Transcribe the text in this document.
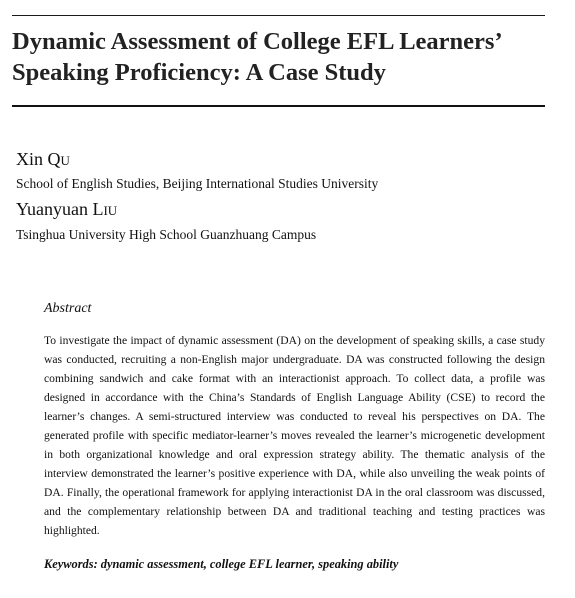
Dynamic Assessment of College EFL Learners’ Speaking Proficiency: A Case Study
Xin Qu
School of English Studies, Beijing International Studies University
Yuanyuan Liu
Tsinghua University High School Guanzhuang Campus
Abstract

To investigate the impact of dynamic assessment (DA) on the development of speaking skills, a case study was conducted, recruiting a non-English major undergraduate. DA was constructed following the design combining sandwich and cake format with an interactionist approach. To collect data, a profile was designed in accordance with the China’s Standards of English Language Ability (CSE) to record the learner’s changes. A semi-structured interview was conducted to reveal his perspectives on DA. The generated profile with specific mediator-learner’s moves revealed the learner’s microgenetic development in both organizational knowledge and oral expression strategy ability. The thematic analysis of the interview demonstrated the learner’s positive experience with DA, while also unveiling the weak points of DA. Finally, the operational framework for applying interactionist DA in the oral classroom was discussed, and the complementary relationship between DA and traditional teaching and testing practices was highlighted.

Keywords: dynamic assessment, college EFL learner, speaking ability
